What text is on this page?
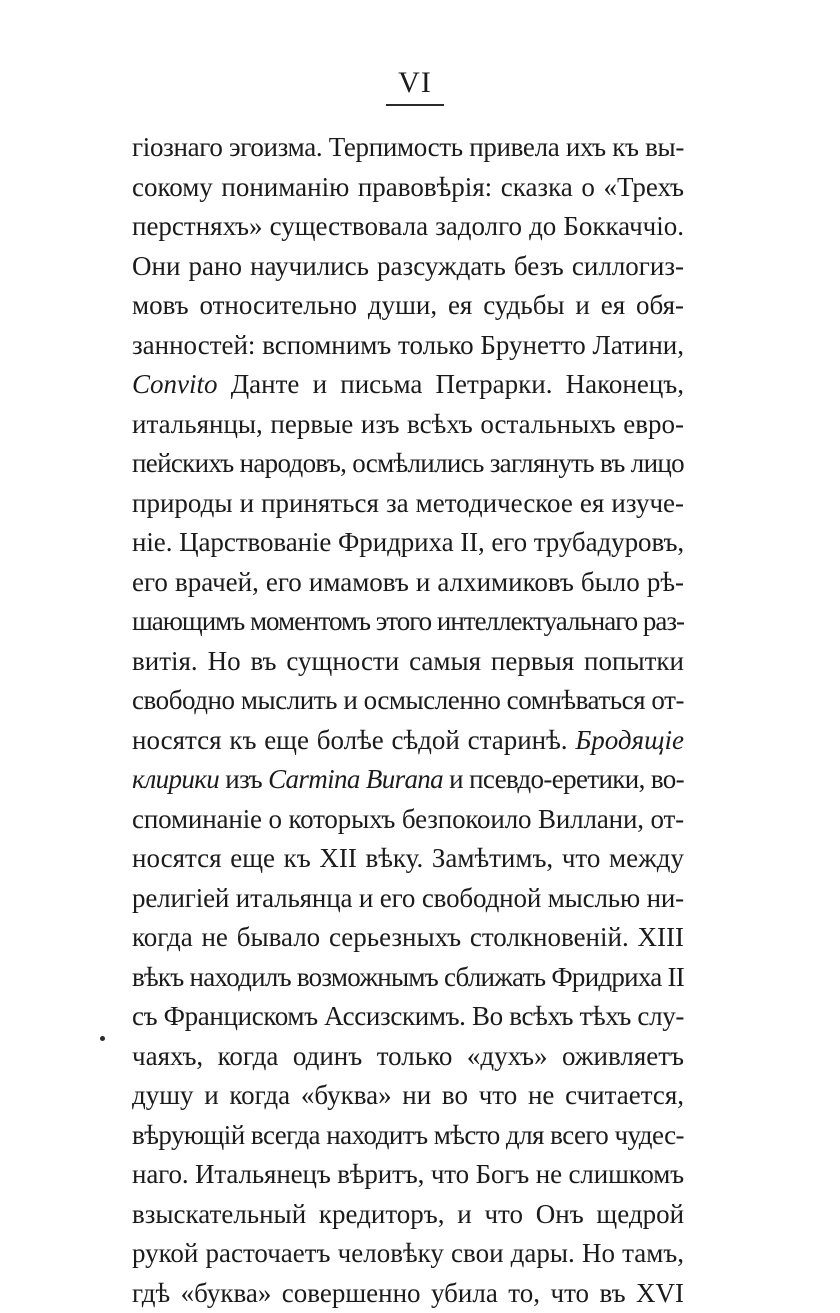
VI
гіознаго эгоизма. Терпимость привела ихъ къ вы-
сокому пониманію правовѣрія: сказка о «Трехъ
перстняхъ» существовала задолго до Боккаччіо.
Они рано научились разсуждать безъ силлогиз-
мовъ относительно души, ея судьбы и ея обя-
занностей: вспомнимъ только Брунетто Латини,
Convito Данте и письма Петрарки. Наконецъ,
итальянцы, первые изъ всѣхъ остальныхъ евро-
пейскихъ народовъ, осмѣлились заглянуть въ лицо
природы и приняться за методическое ея изуче-
ніе. Царствованіе Фридриха II, его трубадуровъ,
его врачей, его имамовъ и алхимиковъ было рѣ-
шающимъ моментомъ этого интеллектуальнаго раз-
витія. Но въ сущности самыя первыя попытки
свободно мыслить и осмысленно сомнѣваться от-
носятся къ еще болѣе сѣдой старинѣ. Бродящіе
клирики изъ Carmina Burana и псевдо-еретики, во-
споминаніе о которыхъ безпокоило Виллани, от-
носятся еще къ XII вѣку. Замѣтимъ, что между
религіей итальянца и его свободной мыслью ни-
когда не бывало серьезныхъ столкновеній. XIII
вѣкъ находилъ возможнымъ сближать Фридриха II
съ Францискомъ Ассизскимъ. Во всѣхъ тѣхъ слу-
чаяхъ, когда одинъ только «духъ» оживляетъ
душу и когда «буква» ни во что не считается,
вѣрующій всегда находитъ мѣсто для всего чудес-
наго. Итальянецъ вѣритъ, что Богъ не слишкомъ
взыскательный кредиторъ, и что Онъ щедрой
рукой расточаетъ человѣку свои дары. Но тамъ,
гдѣ «буква» совершенно убила то, что въ XVI
